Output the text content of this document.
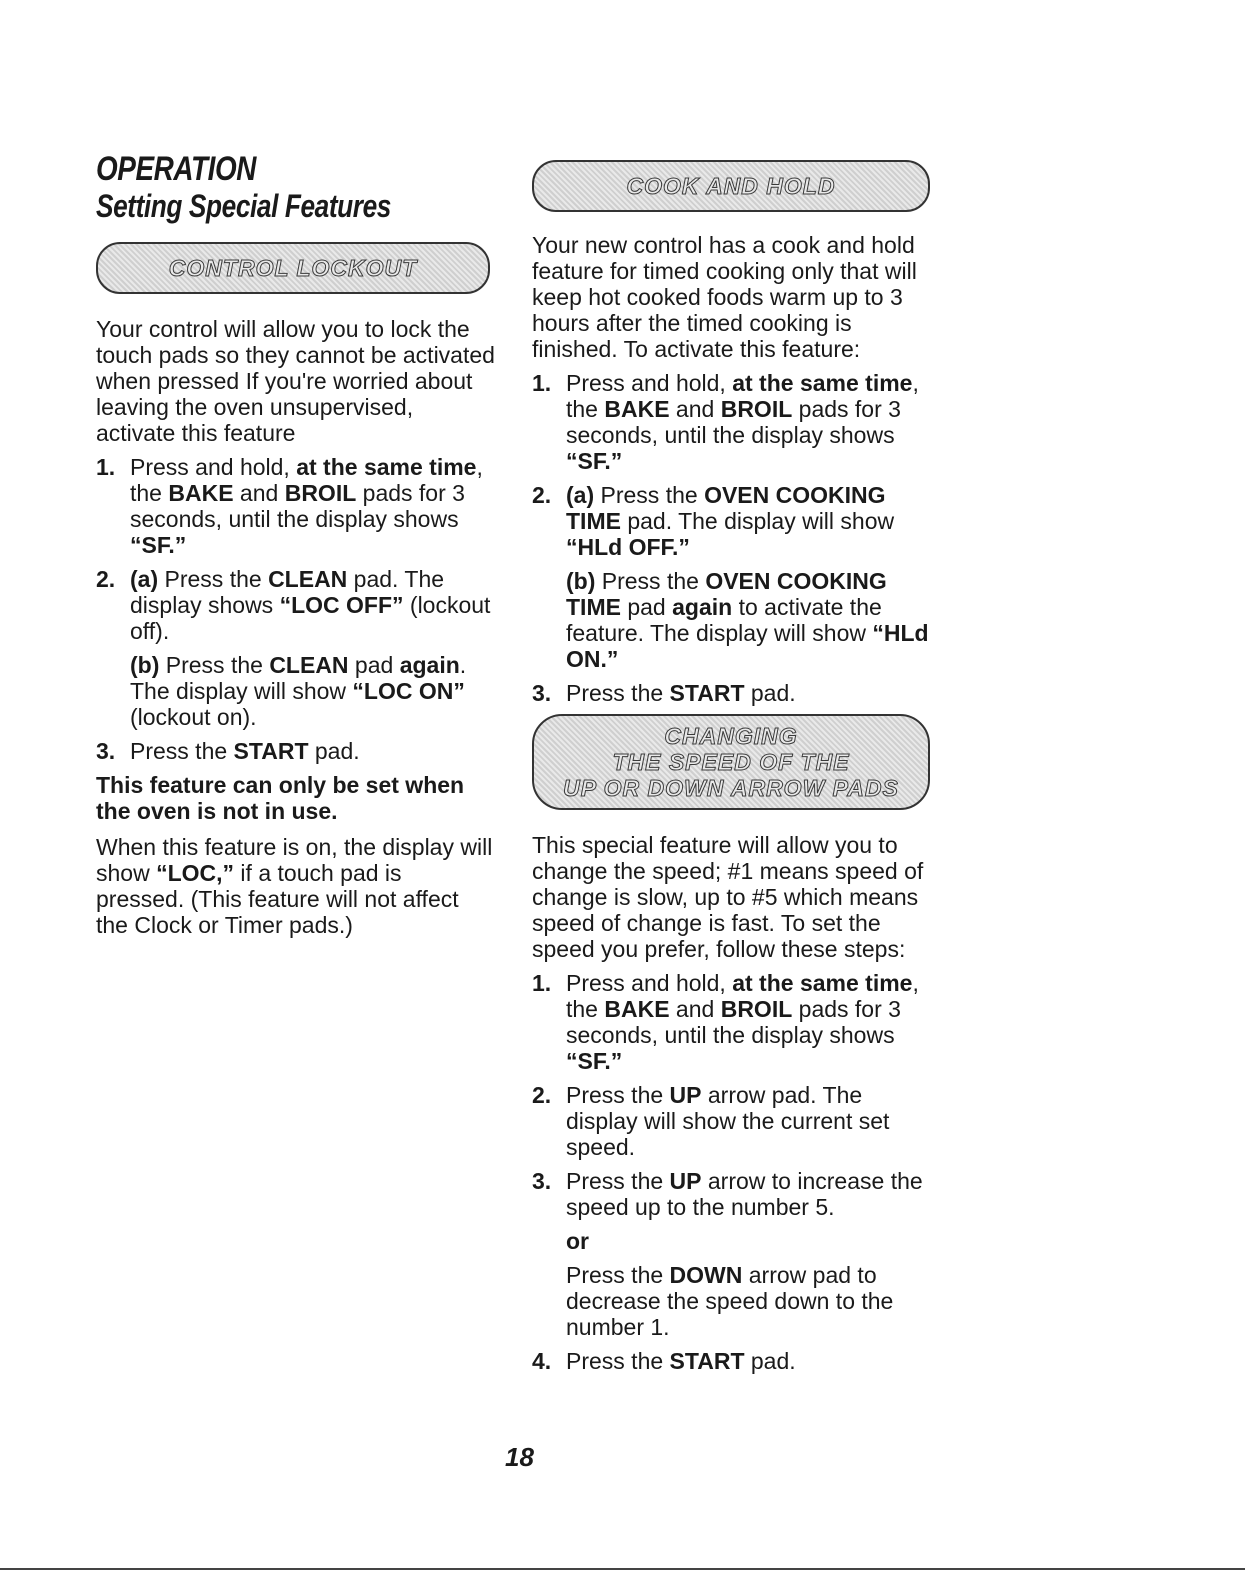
OPERATION
Setting Special Features
CONTROL LOCKOUT

Your control will allow you to lock the touch pads so they cannot be activated when pressed If you're worried about leaving the oven unsupervised, activate this feature

1. Press and hold, at the same time, the BAKE and BROIL pads for 3 seconds, until the display shows “SF.”
2. (a) Press the CLEAN pad. The display shows “LOC OFF” (lockout off).
(b) Press the CLEAN pad again. The display will show “LOC ON” (lockout on).
3. Press the START pad.

This feature can only be set when the oven is not in use.

When this feature is on, the display will show “LOC,” if a touch pad is pressed. (This feature will not affect the Clock or Timer pads.)

COOK AND HOLD

Your new control has a cook and hold feature for timed cooking only that will keep hot cooked foods warm up to 3 hours after the timed cooking is finished. To activate this feature:

1. Press and hold, at the same time, the BAKE and BROIL pads for 3 seconds, until the display shows “SF.”
2. (a) Press the OVEN COOKING TIME pad. The display will show “HLd OFF.”
(b) Press the OVEN COOKING TIME pad again to activate the feature. The display will show “HLd ON.”
3. Press the START pad.
CHANGING
THE SPEED OF THE
UP OR DOWN ARROW PADS

This special feature will allow you to change the speed; #1 means speed of change is slow, up to #5 which means speed of change is fast. To set the speed you prefer, follow these steps:

1. Press and hold, at the same time, the BAKE and BROIL pads for 3 seconds, until the display shows “SF.”
2. Press the UP arrow pad. The display will show the current set speed.
3. Press the UP arrow to increase the speed up to the number 5.
or
Press the DOWN arrow pad to decrease the speed down to the number 1.
4. Press the START pad.
18
